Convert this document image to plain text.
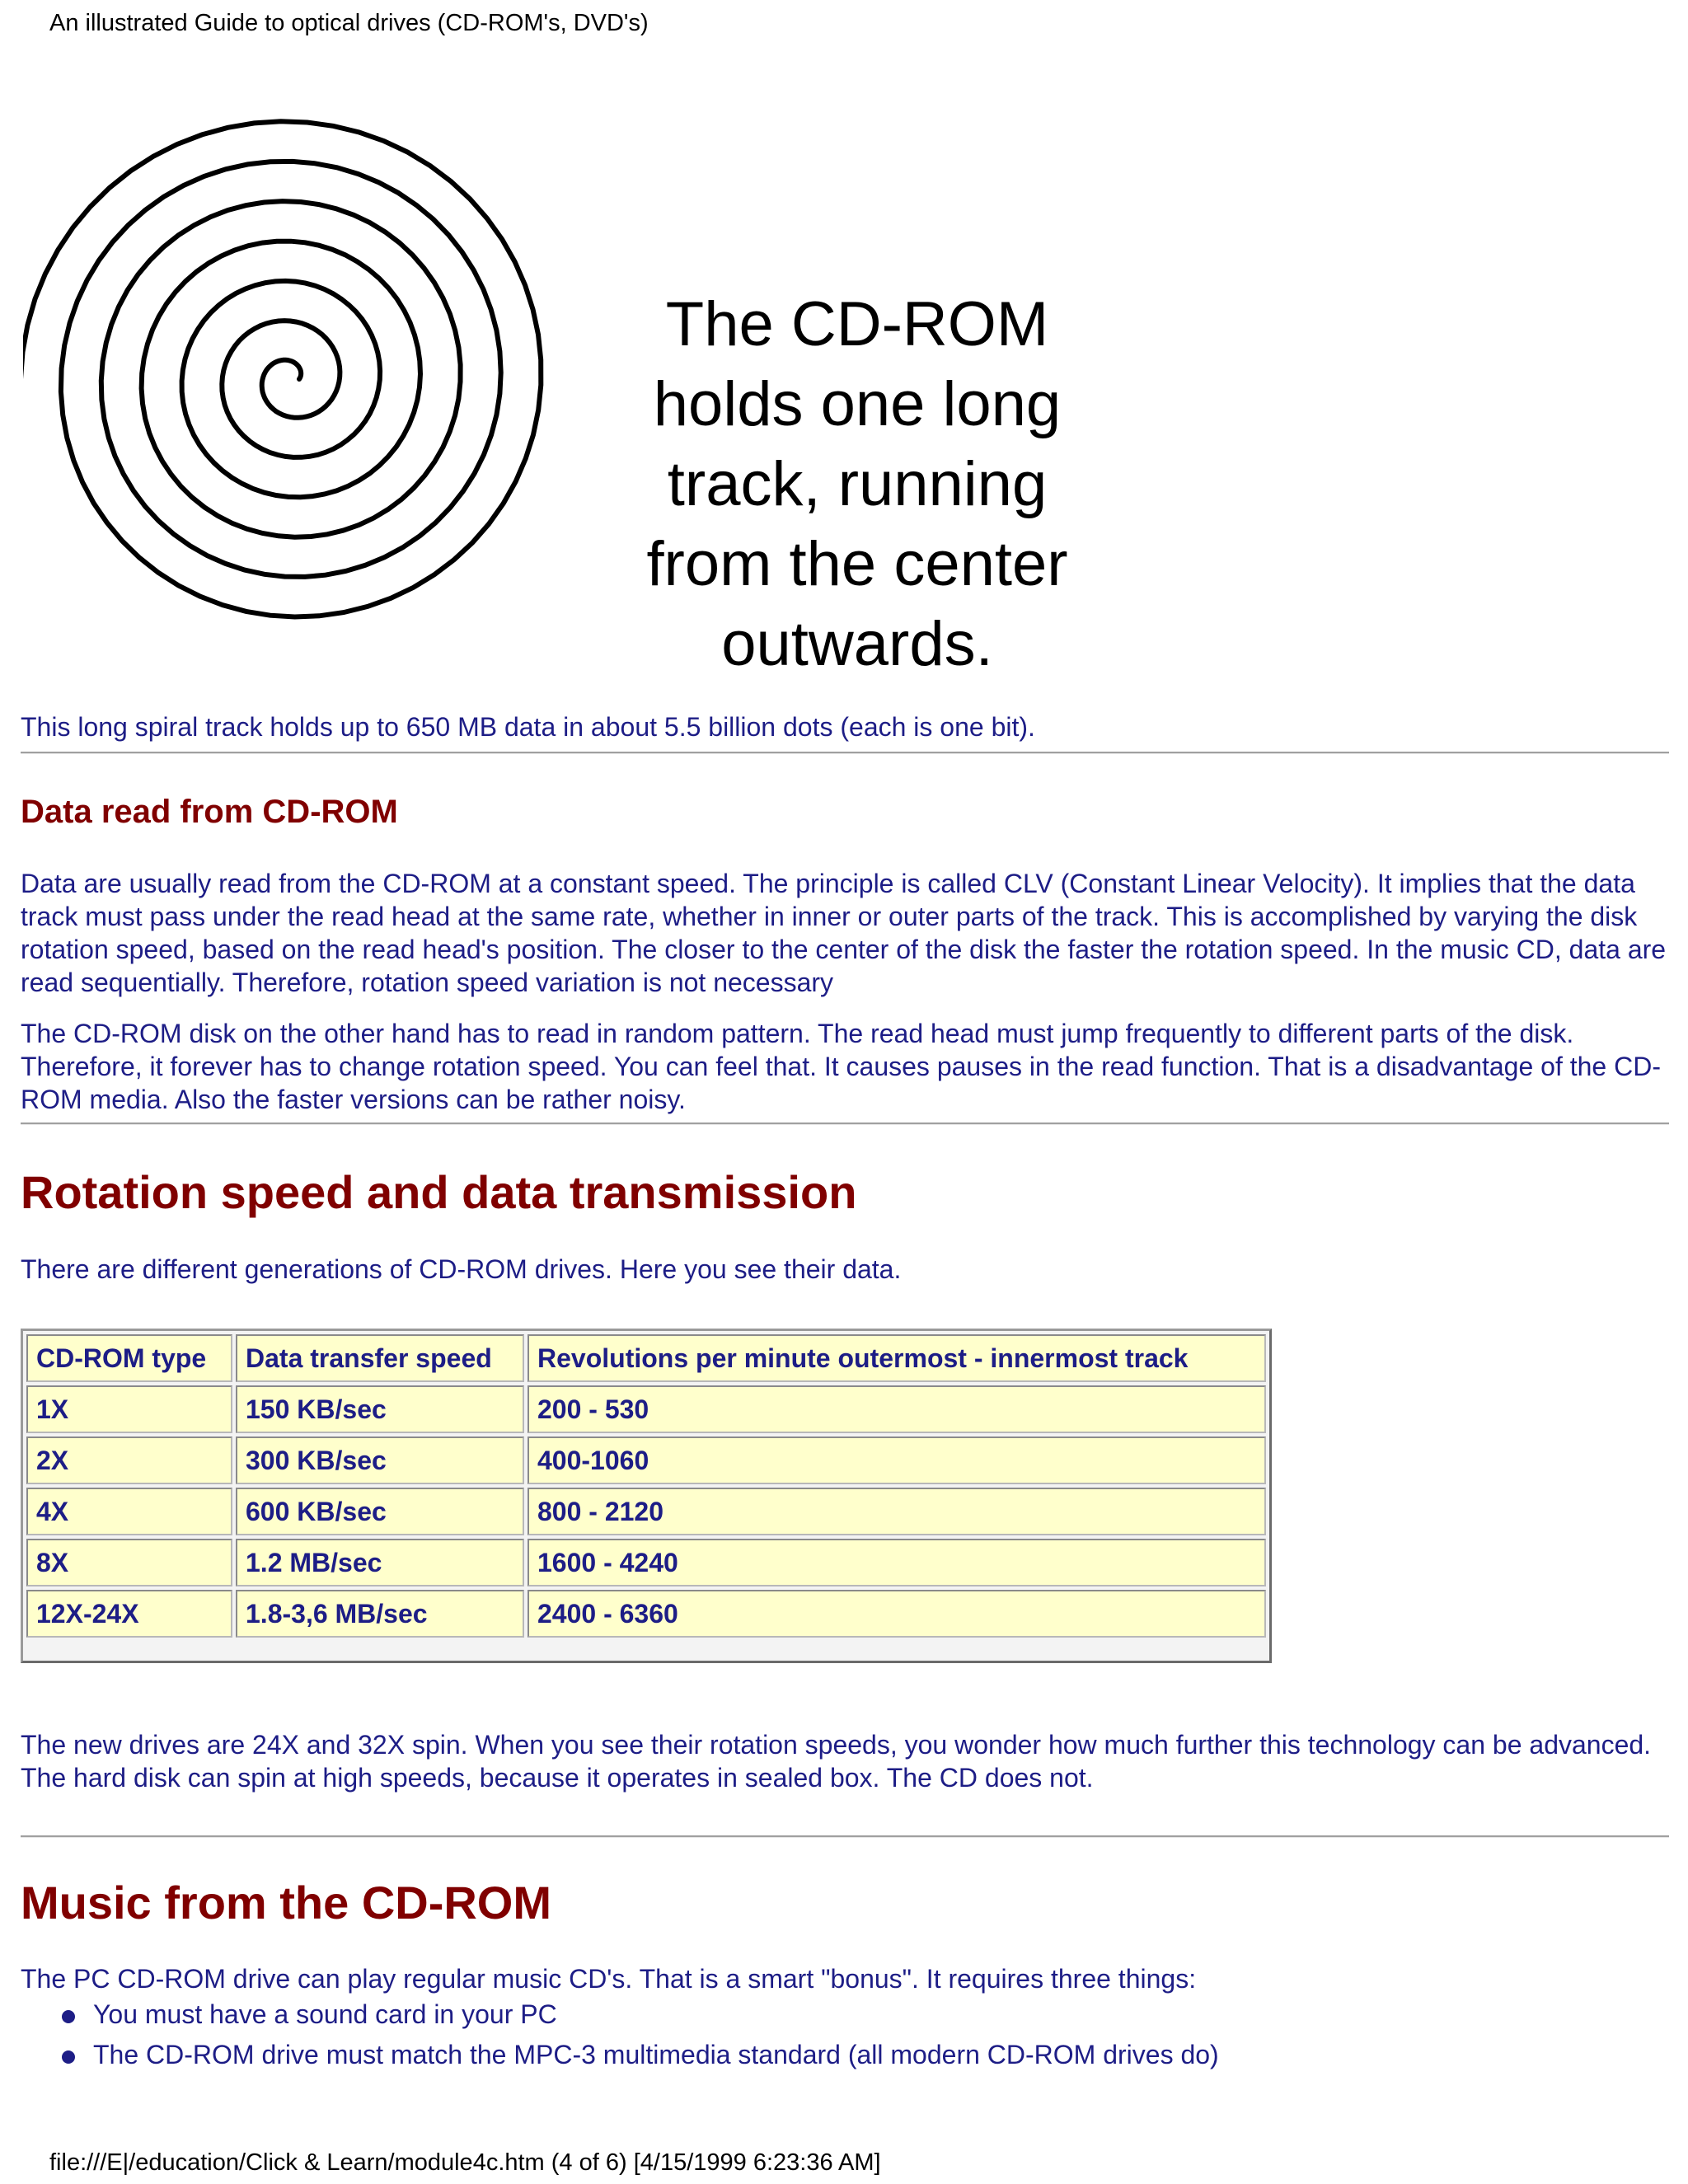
An illustrated Guide to optical drives (CD-ROM's, DVD's)
The CD-ROM
holds one long
track, running
from the center
outwards.

This long spiral track holds up to 650 MB data in about 5.5 billion dots (each is one bit).

Data read from CD-ROM

Data are usually read from the CD-ROM at a constant speed. The principle is called CLV (Constant Linear Velocity). It implies that the data track must pass under the read head at the same rate, whether in inner or outer parts of the track. This is accomplished by varying the disk rotation speed, based on the read head's position. The closer to the center of the disk the faster the rotation speed. In the music CD, data are read sequentially. Therefore, rotation speed variation is not necessary

The CD-ROM disk on the other hand has to read in random pattern. The read head must jump frequently to different parts of the disk. Therefore, it forever has to change rotation speed. You can feel that. It causes pauses in the read function. That is a disadvantage of the CD-ROM media. Also the faster versions can be rather noisy.

Rotation speed and data transmission

There are different generations of CD-ROM drives. Here you see their data.

CD-ROM type	Data transfer speed	Revolutions per minute outermost - innermost track
1X	150 KB/sec	200 - 530
2X	300 KB/sec	400-1060
4X	600 KB/sec	800 - 2120
8X	1.2 MB/sec	1600 - 4240
12X-24X	1.8-3,6 MB/sec	2400 - 6360

The new drives are 24X and 32X spin. When you see their rotation speeds, you wonder how much further this technology can be advanced. The hard disk can spin at high speeds, because it operates in sealed box. The CD does not.

Music from the CD-ROM

The PC CD-ROM drive can play regular music CD's. That is a smart "bonus". It requires three things:

You must have a sound card in your PC
The CD-ROM drive must match the MPC-3 multimedia standard (all modern CD-ROM drives do)
file:///E|/education/Click & Learn/module4c.htm (4 of 6) [4/15/1999 6:23:36 AM]
